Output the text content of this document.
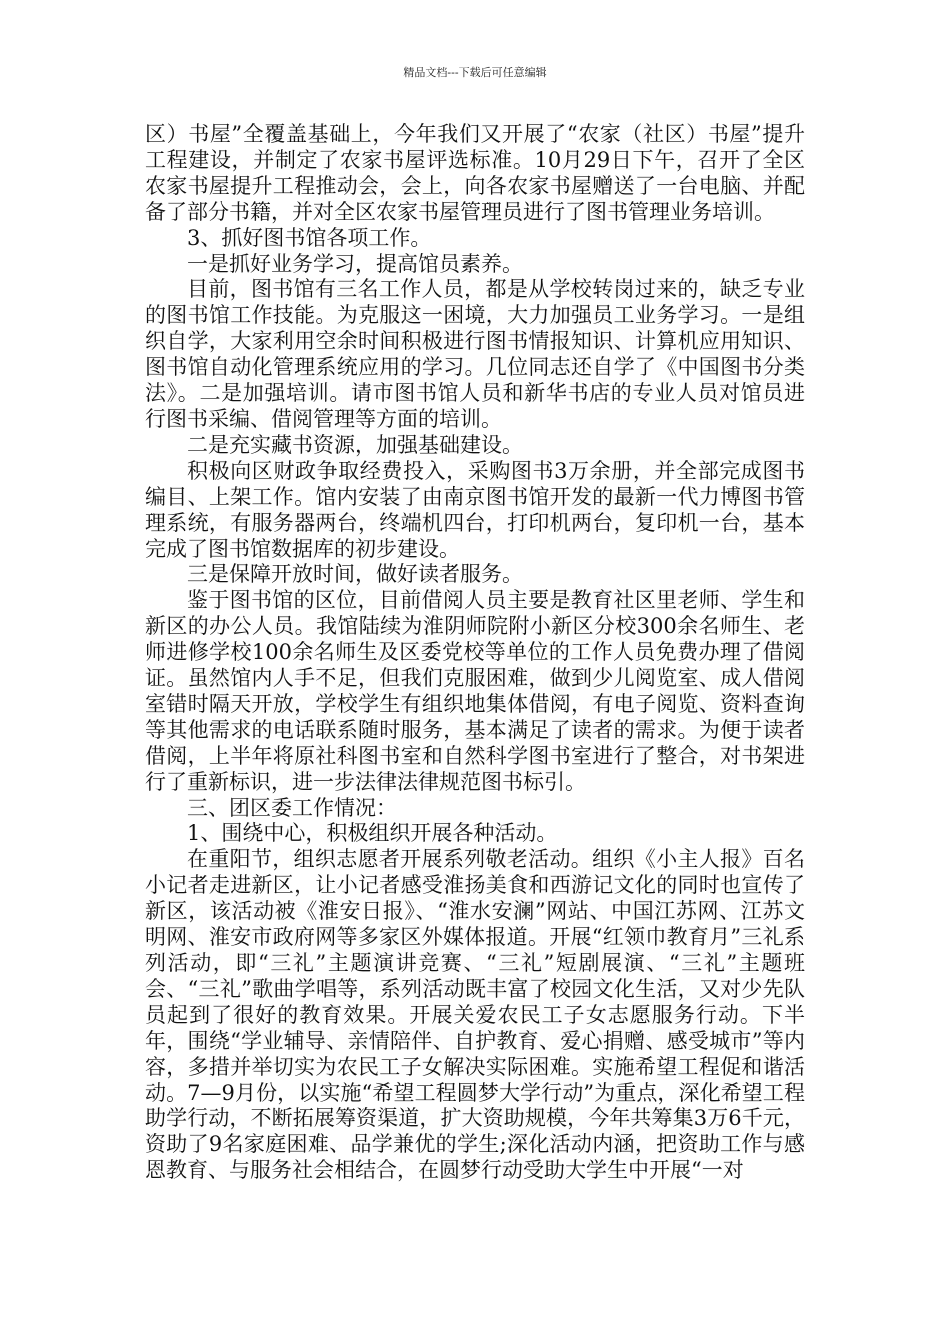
精品文档---下载后可任意编辑

区）书屋”全覆盖基础上，今年我们又开展了“农家（社区）书屋”提升工程建设，并制定了农家书屋评选标准。10月29日下午，召开了全区农家书屋提升工程推动会，会上，向各农家书屋赠送了一台电脑、并配备了部分书籍，并对全区农家书屋管理员进行了图书管理业务培训。

3、抓好图书馆各项工作。

一是抓好业务学习，提高馆员素养。

目前，图书馆有三名工作人员，都是从学校转岗过来的，缺乏专业的图书馆工作技能。为克服这一困境，大力加强员工业务学习。一是组织自学，大家利用空余时间积极进行图书情报知识、计算机应用知识、图书馆自动化管理系统应用的学习。几位同志还自学了《中国图书分类法》。二是加强培训。请市图书馆人员和新华书店的专业人员对馆员进行图书采编、借阅管理等方面的培训。

二是充实藏书资源，加强基础建设。

积极向区财政争取经费投入，采购图书3万余册，并全部完成图书编目、上架工作。馆内安装了由南京图书馆开发的最新一代力博图书管理系统，有服务器两台，终端机四台，打印机两台，复印机一台，基本完成了图书馆数据库的初步建设。

三是保障开放时间，做好读者服务。

鉴于图书馆的区位，目前借阅人员主要是教育社区里老师、学生和新区的办公人员。我馆陆续为淮阴师院附小新区分校300余名师生、老师进修学校100余名师生及区委党校等单位的工作人员免费办理了借阅证。虽然馆内人手不足，但我们克服困难，做到少儿阅览室、成人借阅室错时隔天开放，学校学生有组织地集体借阅，有电子阅览、资料查询等其他需求的电话联系随时服务，基本满足了读者的需求。为便于读者借阅，上半年将原社科图书室和自然科学图书室进行了整合，对书架进行了重新标识，进一步法律法律规范图书标引。

三、团区委工作情况：

1、围绕中心，积极组织开展各种活动。

在重阳节，组织志愿者开展系列敬老活动。组织《小主人报》百名小记者走进新区，让小记者感受淮扬美食和西游记文化的同时也宣传了新区，该活动被《淮安日报》、“淮水安澜”网站、中国江苏网、江苏文明网、淮安市政府网等多家区外媒体报道。开展“红领巾教育月”三礼系列活动，即“三礼”主题演讲竞赛、“三礼”短剧展演、“三礼”主题班会、“三礼”歌曲学唱等，系列活动既丰富了校园文化生活，又对少先队员起到了很好的教育效果。开展关爱农民工子女志愿服务行动。下半年，围绕“学业辅导、亲情陪伴、自护教育、爱心捐赠、感受城市”等内容，多措并举切实为农民工子女解决实际困难。实施希望工程促和谐活动。7—9月份，以实施“希望工程圆梦大学行动”为重点，深化希望工程助学行动，不断拓展筹资渠道，扩大资助规模，今年共筹集3万6千元，资助了9名家庭困难、品学兼优的学生;深化活动内涵，把资助工作与感恩教育、与服务社会相结合，在圆梦行动受助大学生中开展“一对
